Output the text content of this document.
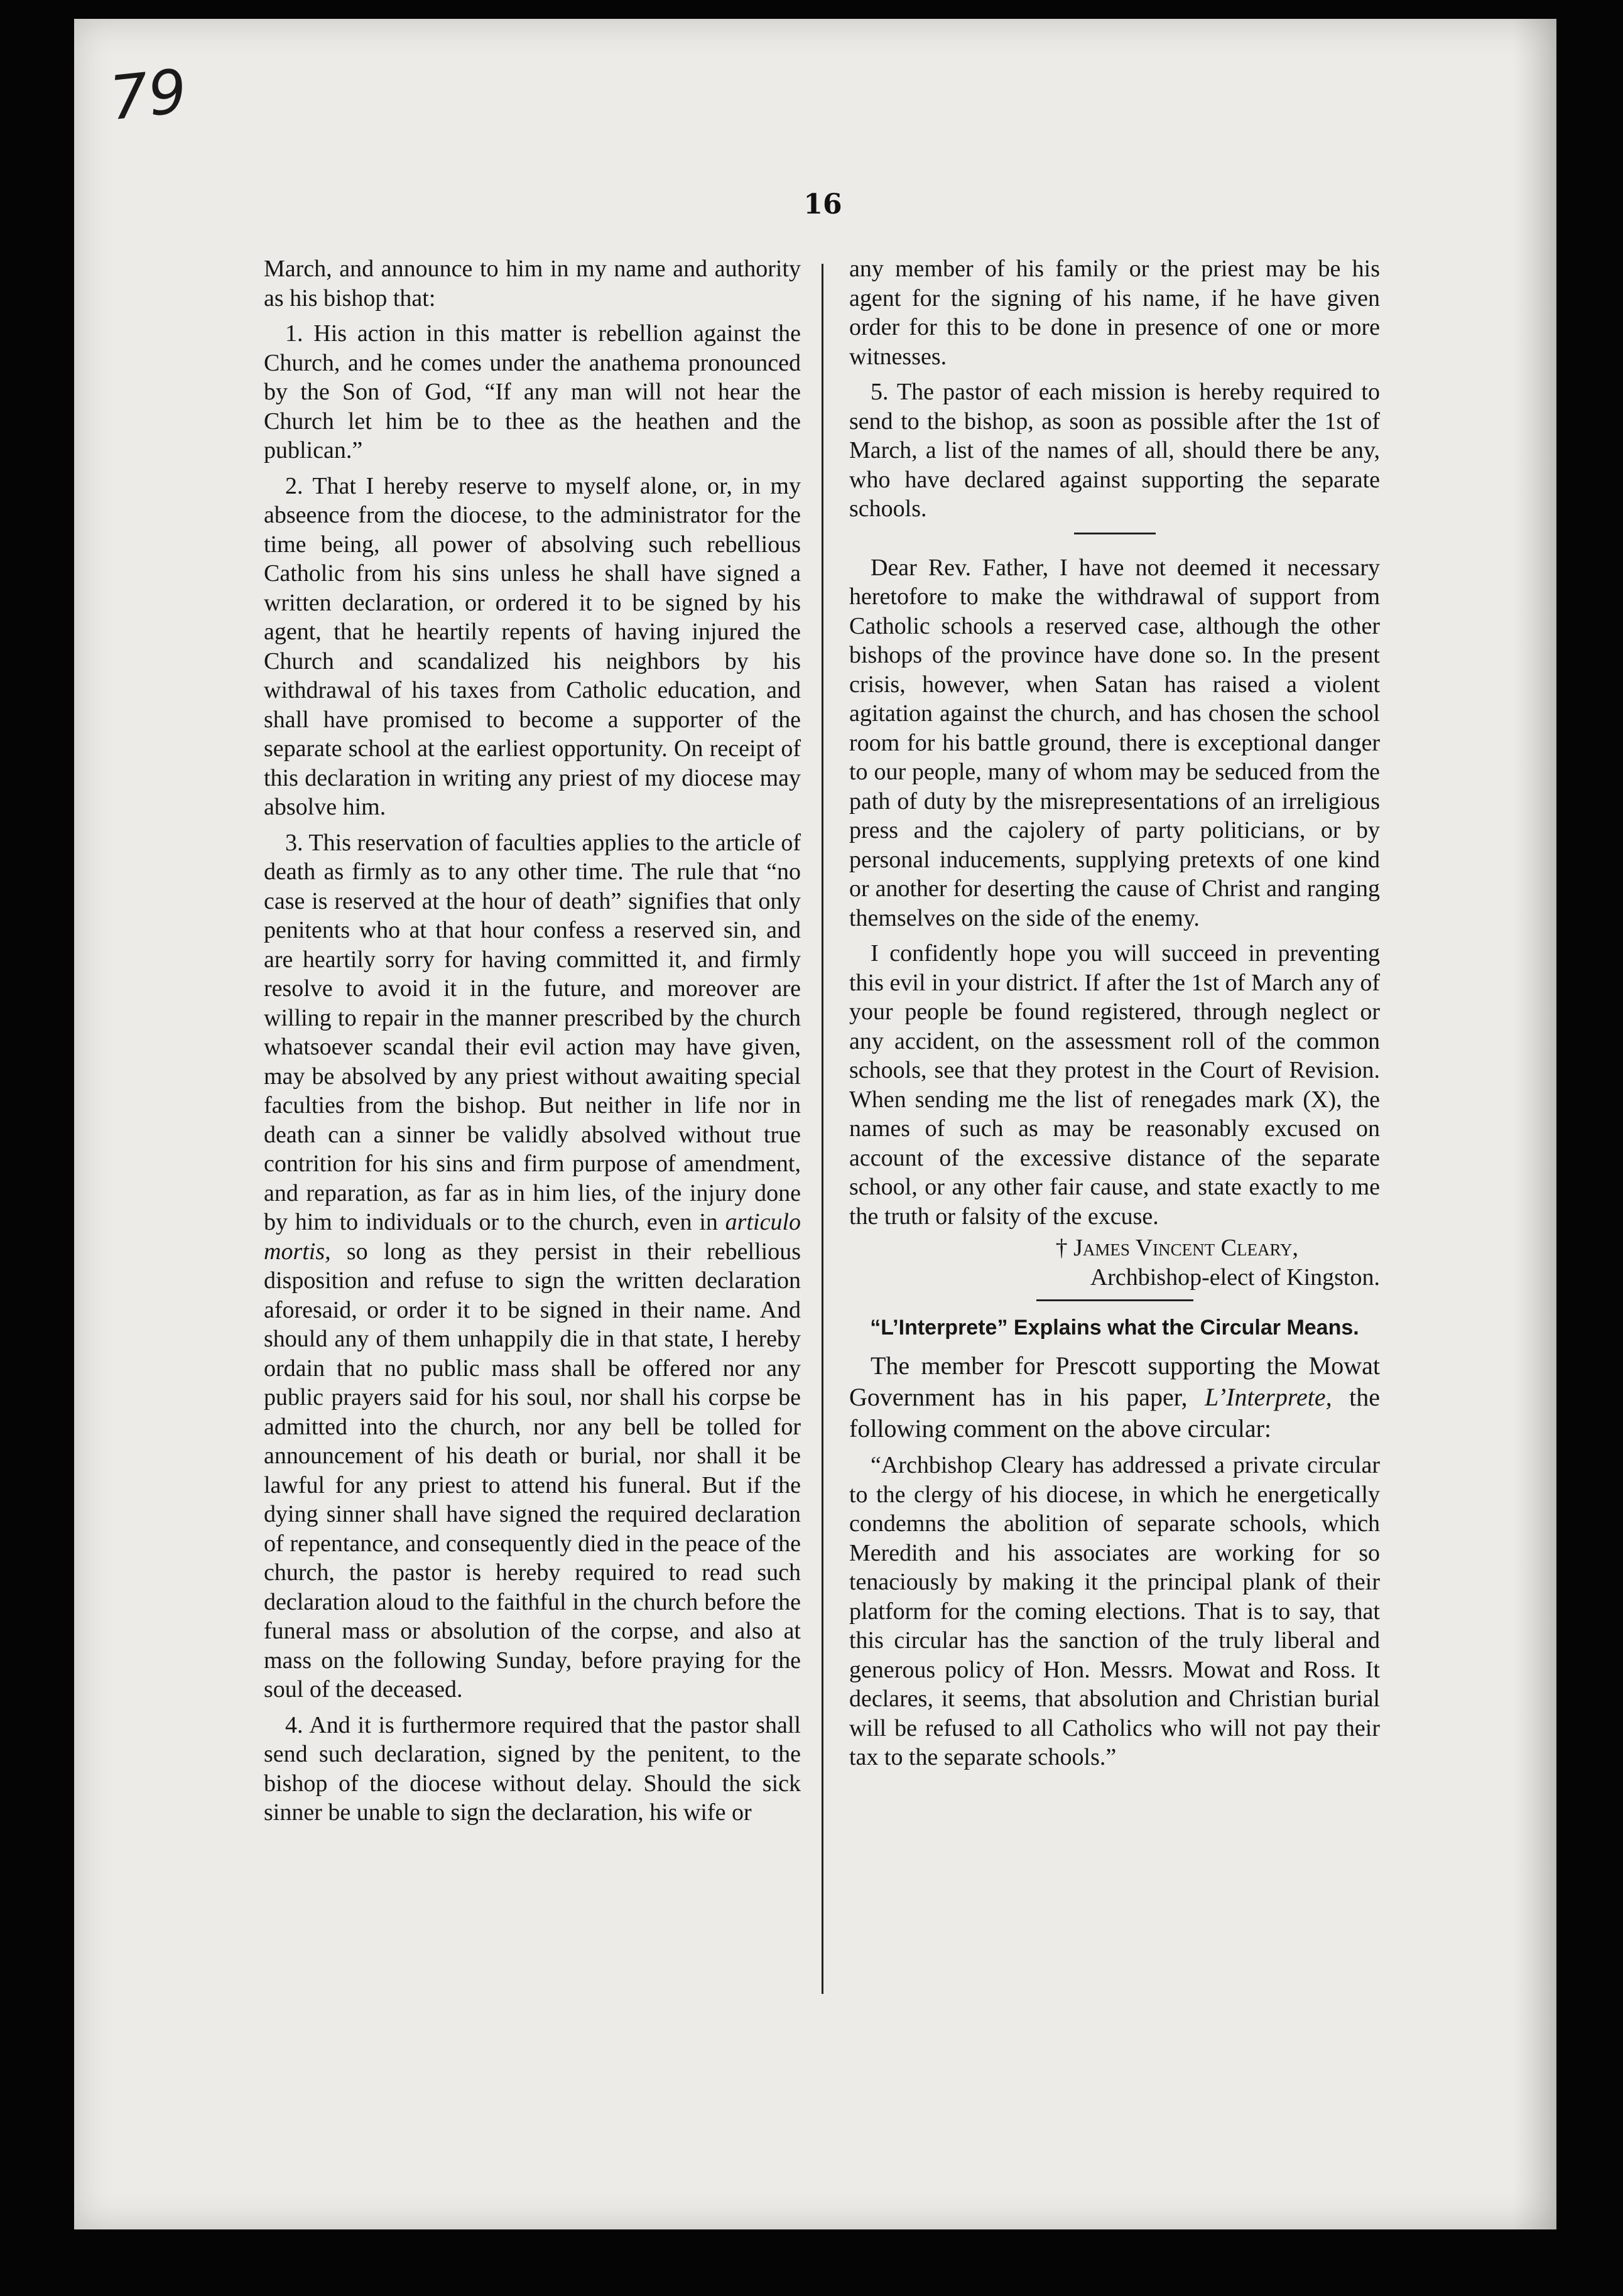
79
16

March, and announce to him in my name and authority as his bishop that:

1. His action in this matter is rebellion against the Church, and he comes under the anathema pronounced by the Son of God, “If any man will not hear the Church let him be to thee as the heathen and the publican.”

2. That I hereby reserve to myself alone, or, in my abseence from the diocese, to the administrator for the time being, all power of absolving such rebellious Catholic from his sins unless he shall have signed a written declaration, or ordered it to be signed by his agent, that he heartily repents of having injured the Church and scandalized his neighbors by his withdrawal of his taxes from Catholic education, and shall have promised to become a supporter of the separate school at the earliest opportunity. On receipt of this declaration in writing any priest of my diocese may absolve him.

3. This reservation of faculties applies to the article of death as firmly as to any other time. The rule that “no case is reserved at the hour of death” signifies that only penitents who at that hour confess a reserved sin, and are heartily sorry for having committed it, and firmly resolve to avoid it in the future, and moreover are willing to repair in the manner prescribed by the church whatsoever scandal their evil action may have given, may be absolved by any priest without awaiting special faculties from the bishop. But neither in life nor in death can a sinner be validly absolved without true contrition for his sins and firm purpose of amendment, and reparation, as far as in him lies, of the injury done by him to individuals or to the church, even in articulo mortis, so long as they persist in their rebellious disposition and refuse to sign the written declaration aforesaid, or order it to be signed in their name. And should any of them unhappily die in that state, I hereby ordain that no public mass shall be offered nor any public prayers said for his soul, nor shall his corpse be admitted into the church, nor any bell be tolled for announcement of his death or burial, nor shall it be lawful for any priest to attend his funeral. But if the dying sinner shall have signed the required declaration of repentance, and consequently died in the peace of the church, the pastor is hereby required to read such declaration aloud to the faithful in the church before the funeral mass or absolution of the corpse, and also at mass on the following Sunday, before praying for the soul of the deceased.

4. And it is furthermore required that the pastor shall send such declaration, signed by the penitent, to the bishop of the diocese without delay. Should the sick sinner be unable to sign the declaration, his wife or

any member of his family or the priest may be his agent for the signing of his name, if he have given order for this to be done in presence of one or more witnesses.

5. The pastor of each mission is hereby required to send to the bishop, as soon as possible after the 1st of March, a list of the names of all, should there be any, who have declared against supporting the separate schools.

Dear Rev. Father, I have not deemed it necessary heretofore to make the withdrawal of support from Catholic schools a reserved case, although the other bishops of the province have done so. In the present crisis, however, when Satan has raised a violent agitation against the church, and has chosen the school room for his battle ground, there is exceptional danger to our people, many of whom may be seduced from the path of duty by the misrepresentations of an irreligious press and the cajolery of party politicians, or by personal inducements, supplying pretexts of one kind or another for deserting the cause of Christ and ranging themselves on the side of the enemy.

I confidently hope you will succeed in preventing this evil in your district. If after the 1st of March any of your people be found registered, through neglect or any accident, on the assessment roll of the common schools, see that they protest in the Court of Revision. When sending me the list of renegades mark (X), the names of such as may be reasonably excused on account of the excessive distance of the separate school, or any other fair cause, and state exactly to me the truth or falsity of the excuse.

† James Vincent Cleary,
Archbishop-elect of Kingston.
“L’Interprete” Explains what the Circular Means.

The member for Prescott supporting the Mowat Government has in his paper, L’Interprete, the following comment on the above circular:

“Archbishop Cleary has addressed a private circular to the clergy of his diocese, in which he energetically condemns the abolition of separate schools, which Meredith and his associates are working for so tenaciously by making it the principal plank of their platform for the coming elections. That is to say, that this circular has the sanction of the truly liberal and generous policy of Hon. Messrs. Mowat and Ross. It declares, it seems, that absolution and Christian burial will be refused to all Catholics who will not pay their tax to the separate schools.”
